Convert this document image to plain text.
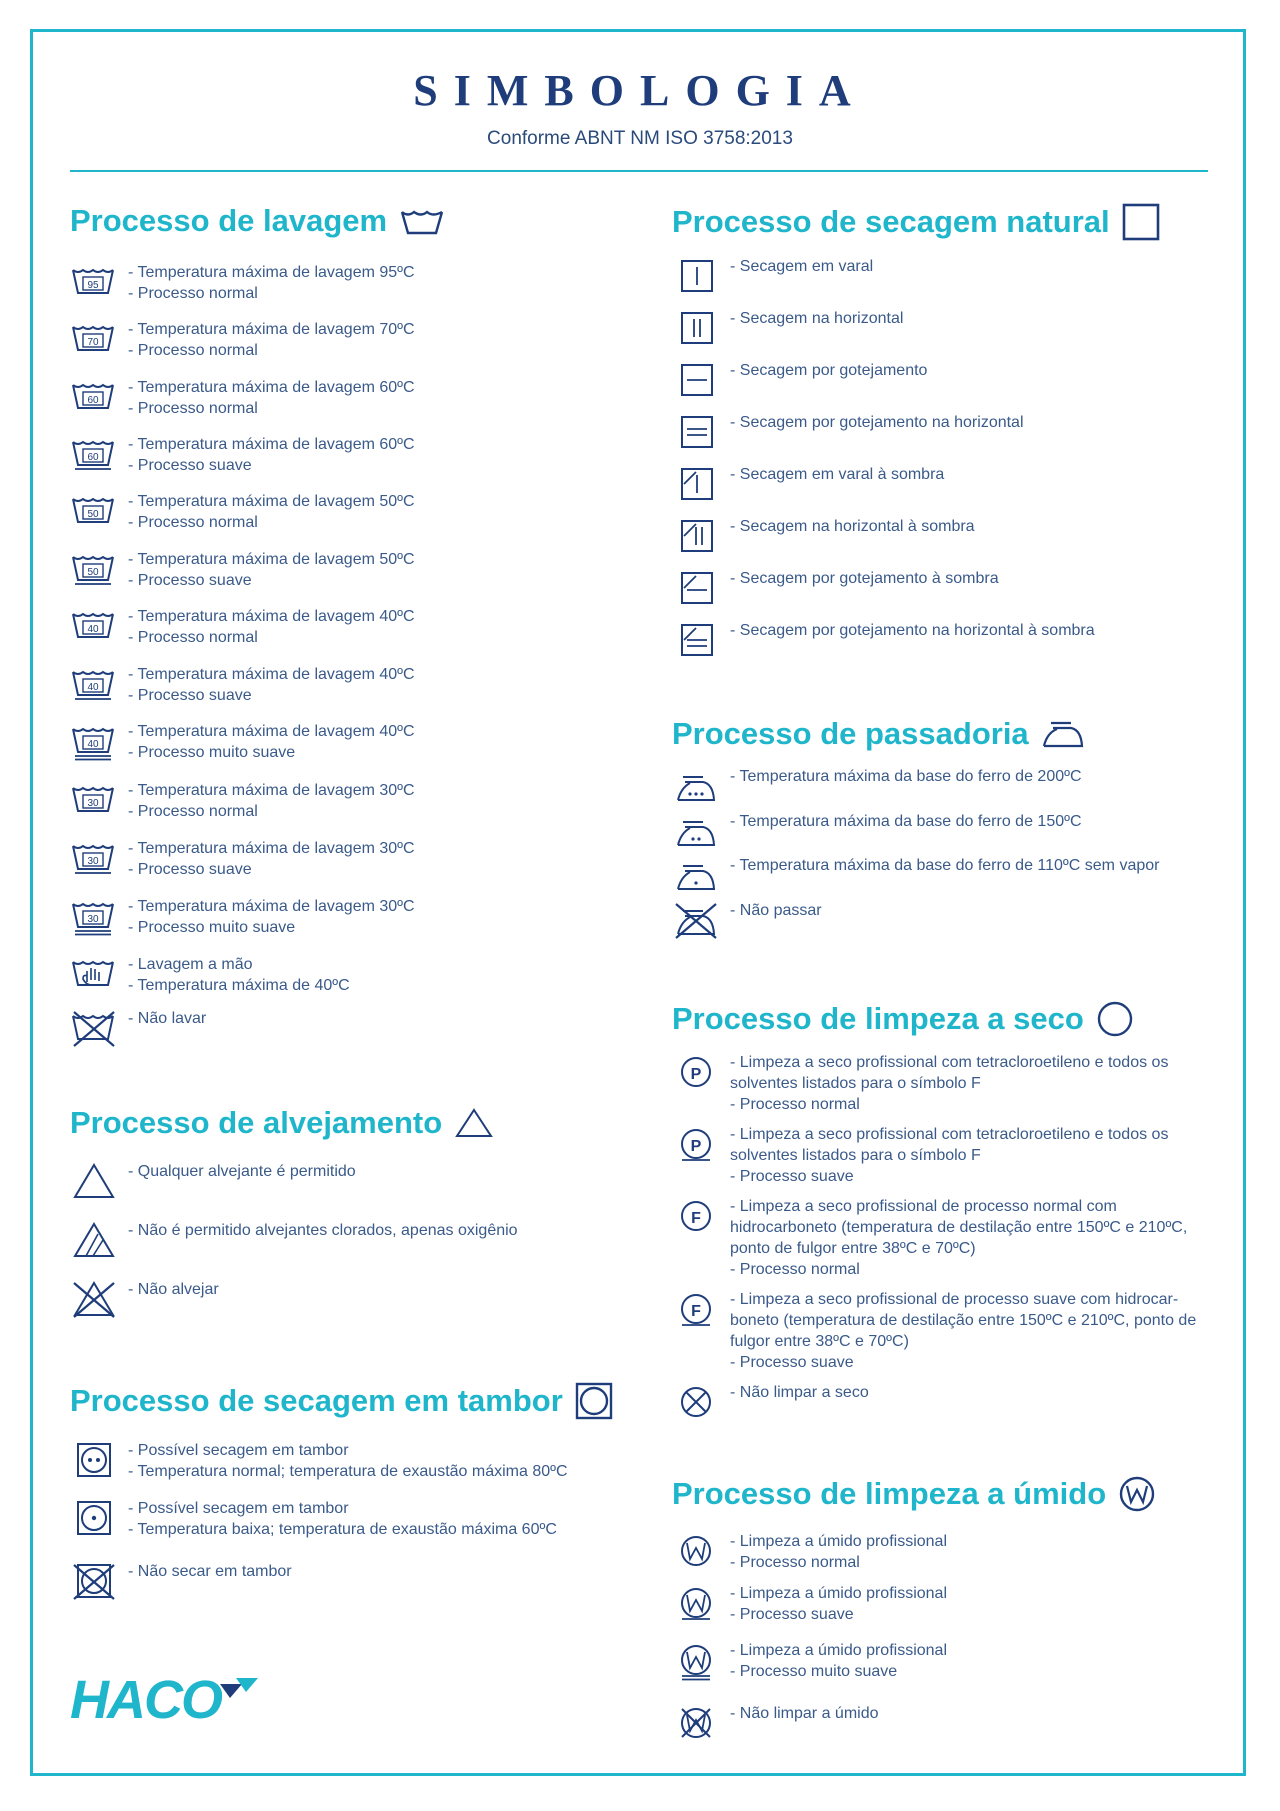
SIMBOLOGIA
Conforme ABNT NM ISO 3758:2013
Processo de lavagem
Processo de alvejamento
Processo de secagem em tambor
Processo de secagem natural
Processo de passadoria
Processo de limpeza a seco
Processo de limpeza a úmido
95
- Temperatura máxima de lavagem 95ºC
- Processo normal
70
- Temperatura máxima de lavagem 70ºC
- Processo normal
60
- Temperatura máxima de lavagem 60ºC
- Processo normal
60
- Temperatura máxima de lavagem 60ºC
- Processo suave
50
- Temperatura máxima de lavagem 50ºC
- Processo normal
50
- Temperatura máxima de lavagem 50ºC
- Processo suave
40
- Temperatura máxima de lavagem 40ºC
- Processo normal
40
- Temperatura máxima de lavagem 40ºC
- Processo suave
40
- Temperatura máxima de lavagem 40ºC
- Processo muito suave
30
- Temperatura máxima de lavagem 30ºC
- Processo normal
30
- Temperatura máxima de lavagem 30ºC
- Processo suave
30
- Temperatura máxima de lavagem 30ºC
- Processo muito suave
- Lavagem a mão
- Temperatura máxima de 40ºC
- Não lavar
- Qualquer alvejante é permitido
- Não é permitido alvejantes clorados, apenas oxigênio
- Não alvejar
- Possível secagem em tambor
- Temperatura normal; temperatura de exaustão máxima 80ºC
- Possível secagem em tambor
- Temperatura baixa; temperatura de exaustão máxima 60ºC
- Não secar em tambor
- Secagem em varal
- Secagem na horizontal
- Secagem por gotejamento
- Secagem por gotejamento na horizontal
- Secagem em varal à sombra
- Secagem na horizontal à sombra
- Secagem por gotejamento à sombra
- Secagem por gotejamento na horizontal à sombra
- Temperatura máxima da base do ferro de 200ºC
- Temperatura máxima da base do ferro de 150ºC
- Temperatura máxima da base do ferro de 110ºC sem vapor
- Não passar
P
- Limpeza a seco profissional com tetracloroetileno e todos os solventes listados para o símbolo F
- Processo normal
P
- Limpeza a seco profissional com tetracloroetileno e todos os solventes listados para o símbolo F
- Processo suave
F
- Limpeza a seco profissional de processo normal com hidrocarboneto (temperatura de destilação entre 150ºC e 210ºC, ponto de fulgor entre 38ºC e 70ºC)
- Processo normal
F
- Limpeza a seco profissional de processo suave com hidrocar-boneto (temperatura de destilação entre 150ºC e 210ºC, ponto de fulgor entre 38ºC e 70ºC)
- Processo suave
- Não limpar a seco
- Limpeza a úmido profissional
- Processo normal
- Limpeza a úmido profissional
- Processo suave
- Limpeza a úmido profissional
- Processo muito suave
- Não limpar a úmido
HACO
